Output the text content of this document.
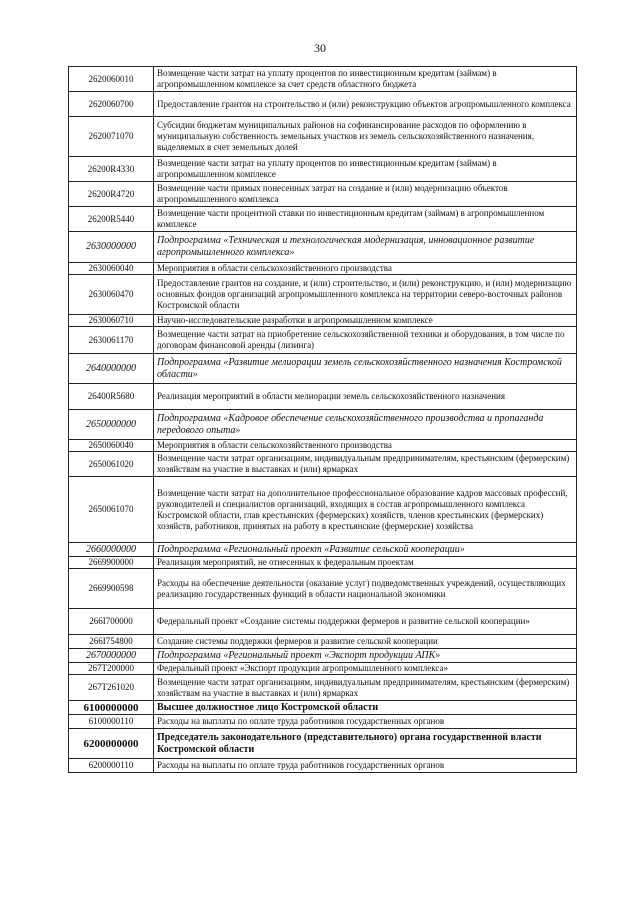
30
2620060010	Возмещение части затрат на уплату процентов по инвестиционным кредитам (займам) в агропромышленном комплексе за счет средств областного бюджета
2620060700	Предоставление грантов на строительство и (или) реконструкцию объектов агропромышленного комплекса
2620071070	Субсидии бюджетам муниципальных районов на софинансирование расходов по оформлению в муниципальную собственность земельных участков из земель сельскохозяйственного назначения, выделяемых в счет земельных долей
26200R4330	Возмещение части затрат на уплату процентов по инвестиционным кредитам (займам) в агропромышленном комплексе
26200R4720	Возмещение части прямых понесенных затрат на создание и (или) модернизацию объектов агропромышленного комплекса
26200R5440	Возмещение части процентной ставки по инвестиционным кредитам (займам) в агропромышленном комплексе
2630000000	Подпрограмма «Техническая и технологическая модернизация, инновационное развитие агропромышленного комплекса»
2630060040	Мероприятия в области сельскохозяйственного производства
2630060470	Предоставление грантов на создание, и (или) строительство, и (или) реконструкцию, и (или) модернизацию основных фондов организаций агропромышленного комплекса на территории северо-восточных районов Костромской области
2630060710	Научно-исследовательские разработки в агропромышленном комплексе
2630061170	Возмещение части затрат на приобретение сельскохозяйственной техники и оборудования, в том числе по договорам финансовой аренды (лизинга)
2640000000	Подпрограмма «Развитие мелиорации земель сельскохозяйственного назначения Костромской области»
26400R5680	Реализация мероприятий в области мелиорации земель сельскохозяйственного назначения
2650000000	Подпрограмма «Кадровое обеспечение сельскохозяйственного производства и пропаганда передового опыта»
2650060040	Мероприятия в области сельскохозяйственного производства
2650061020	Возмещение части затрат организациям, индивидуальным предпринимателям, крестьянским (фермерским) хозяйствам на участие в выставках и (или) ярмарках
2650061070	Возмещение части затрат на дополнительное профессиональное образование кадров массовых профессий, руководителей и специалистов организаций, входящих в состав агропромышленного комплекса Костромской области, глав крестьянских (фермерских) хозяйств, членов крестьянских (фермерских) хозяйств, работников, принятых на работу в крестьянские (фермерские) хозяйства
2660000000	Подпрограмма «Региональный проект «Развитие сельской кооперации»
2669900000	Реализация мероприятий, не отнесенных к федеральным проектам
2669900598	Расходы на обеспечение деятельности (оказание услуг) подведомственных учреждений, осуществляющих реализацию государственных функций в области национальной экономики
266I700000	Федеральный проект «Создание системы поддержки фермеров и развитие сельской кооперации»
266I754800	Создание системы поддержки фермеров и развитие сельской кооперации
2670000000	Подпрограмма «Региональный проект «Экспорт продукции АПК»
267T200000	Федеральный проект «Экспорт продукции агропромышленного комплекса»
267T261020	Возмещение части затрат организациям, индивидуальным предпринимателям, крестьянским (фермерским) хозяйствам на участие в выставках и (или) ярмарках
6100000000	Высшее должностное лицо Костромской области
6100000110	Расходы на выплаты по оплате труда работников государственных органов
6200000000	Председатель законодательного (представительного) органа государственной власти Костромской области
6200000110	Расходы на выплаты по оплате труда работников государственных органов
